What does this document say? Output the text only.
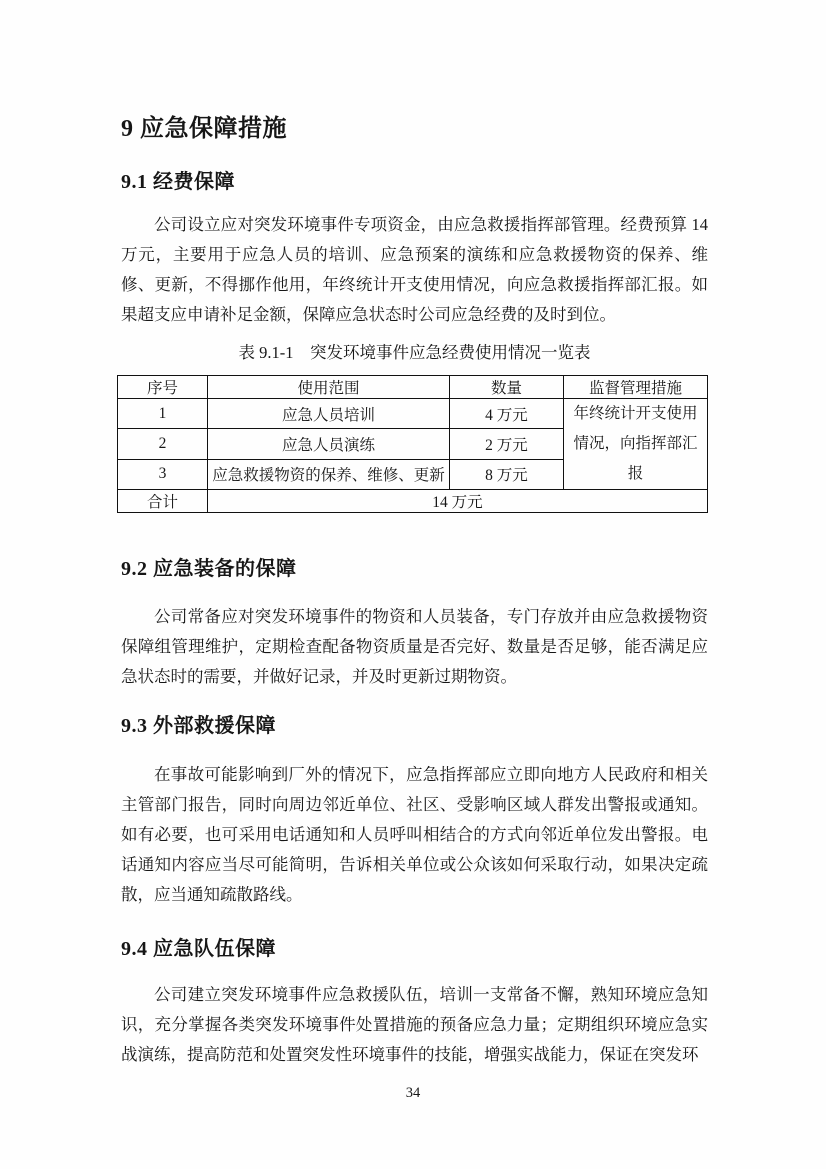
9 应急保障措施
9.1 经费保障

公司设立应对突发环境事件专项资金，由应急救援指挥部管理。经费预算 14 万元，主要用于应急人员的培训、应急预案的演练和应急救援物资的保养、维修、更新，不得挪作他用，年终统计开支使用情况，向应急救援指挥部汇报。如果超支应申请补足金额，保障应急状态时公司应急经费的及时到位。

表 9.1-1　突发环境事件应急经费使用情况一览表
序号	使用范围	数量	监督管理措施
1	应急人员培训	4 万元	年终统计开支使用情况，向指挥部汇报
2	应急人员演练	2 万元	
3	应急救援物资的保养、维修、更新	8 万元	
合计	14 万元		
9.2 应急装备的保障

公司常备应对突发环境事件的物资和人员装备，专门存放并由应急救援物资保障组管理维护，定期检查配备物资质量是否完好、数量是否足够，能否满足应急状态时的需要，并做好记录，并及时更新过期物资。

9.3 外部救援保障

在事故可能影响到厂外的情况下，应急指挥部应立即向地方人民政府和相关主管部门报告，同时向周边邻近单位、社区、受影响区域人群发出警报或通知。如有必要，也可采用电话通知和人员呼叫相结合的方式向邻近单位发出警报。电话通知内容应当尽可能简明，告诉相关单位或公众该如何采取行动，如果决定疏散，应当通知疏散路线。

9.4 应急队伍保障

公司建立突发环境事件应急救援队伍，培训一支常备不懈，熟知环境应急知识，充分掌握各类突发环境事件处置措施的预备应急力量；定期组织环境应急实战演练，提高防范和处置突发性环境事件的技能，增强实战能力，保证在突发环

34
